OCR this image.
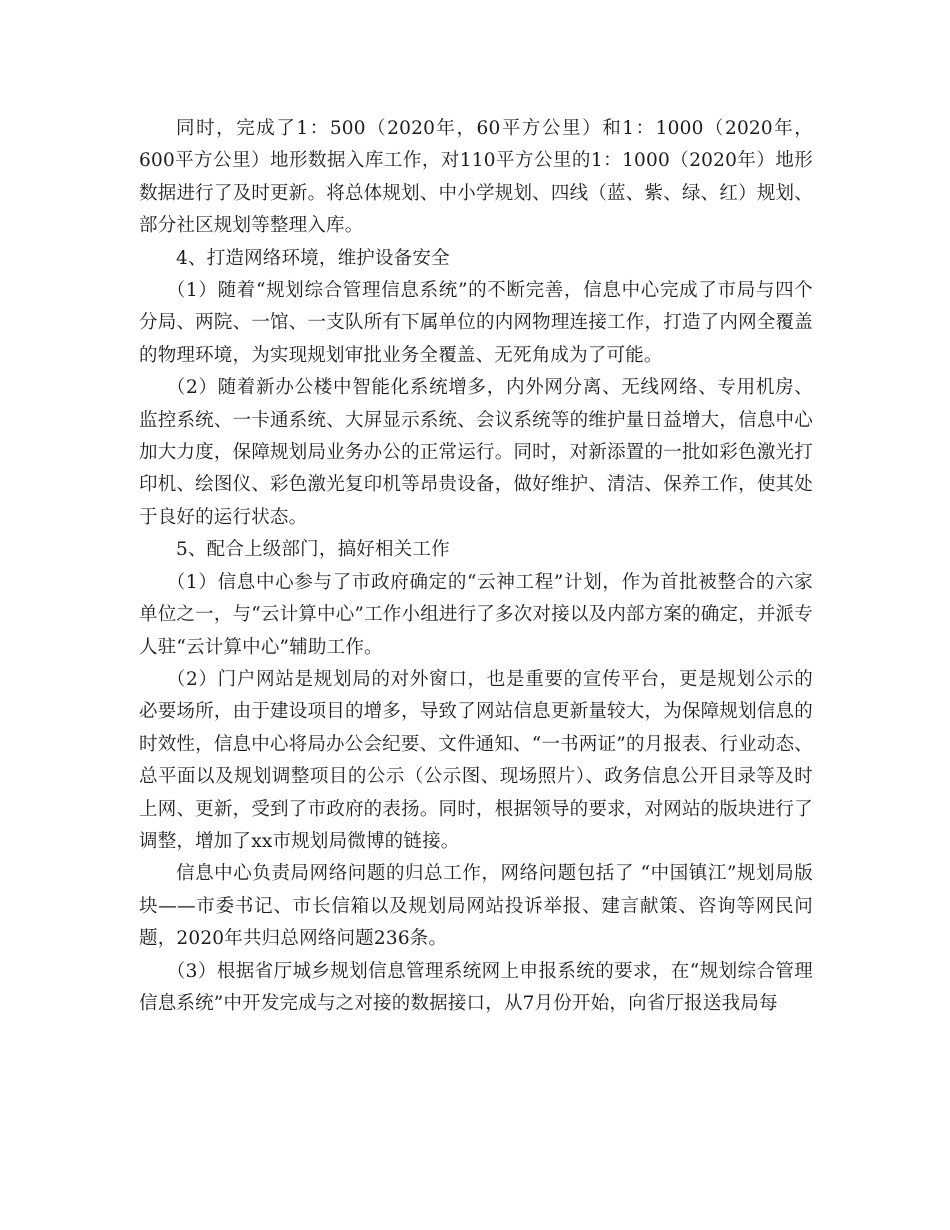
同时，完成了1：500（2020年，60平方公里）和1：1000（2020年，600平方公里）地形数据入库工作，对110平方公里的1：1000（2020年）地形数据进行了及时更新。将总体规划、中小学规划、四线（蓝、紫、绿、红）规划、部分社区规划等整理入库。

4、打造网络环境，维护设备安全

（1）随着“规划综合管理信息系统”的不断完善，信息中心完成了市局与四个分局、两院、一馆、一支队所有下属单位的内网物理连接工作，打造了内网全覆盖的物理环境，为实现规划审批业务全覆盖、无死角成为了可能。

（2）随着新办公楼中智能化系统增多，内外网分离、无线网络、专用机房、监控系统、一卡通系统、大屏显示系统、会议系统等的维护量日益增大，信息中心加大力度，保障规划局业务办公的正常运行。同时，对新添置的一批如彩色激光打印机、绘图仪、彩色激光复印机等昂贵设备，做好维护、清洁、保养工作，使其处于良好的运行状态。

5、配合上级部门，搞好相关工作

（1）信息中心参与了市政府确定的“云神工程”计划，作为首批被整合的六家单位之一，与“云计算中心”工作小组进行了多次对接以及内部方案的确定，并派专人驻“云计算中心”辅助工作。

（2）门户网站是规划局的对外窗口，也是重要的宣传平台，更是规划公示的必要场所，由于建设项目的增多，导致了网站信息更新量较大，为保障规划信息的时效性，信息中心将局办公会纪要、文件通知、“一书两证”的月报表、行业动态、总平面以及规划调整项目的公示（公示图、现场照片）、政务信息公开目录等及时上网、更新，受到了市政府的表扬。同时，根据领导的要求，对网站的版块进行了调整，增加了xx市规划局微博的链接。

信息中心负责局网络问题的归总工作，网络问题包括了 “中国镇江”规划局版块——市委书记、市长信箱以及规划局网站投诉举报、建言献策、咨询等网民问题，2020年共归总网络问题236条。

（3）根据省厅城乡规划信息管理系统网上申报系统的要求，在“规划综合管理信息系统”中开发完成与之对接的数据接口，从7月份开始，向省厅报送我局每
